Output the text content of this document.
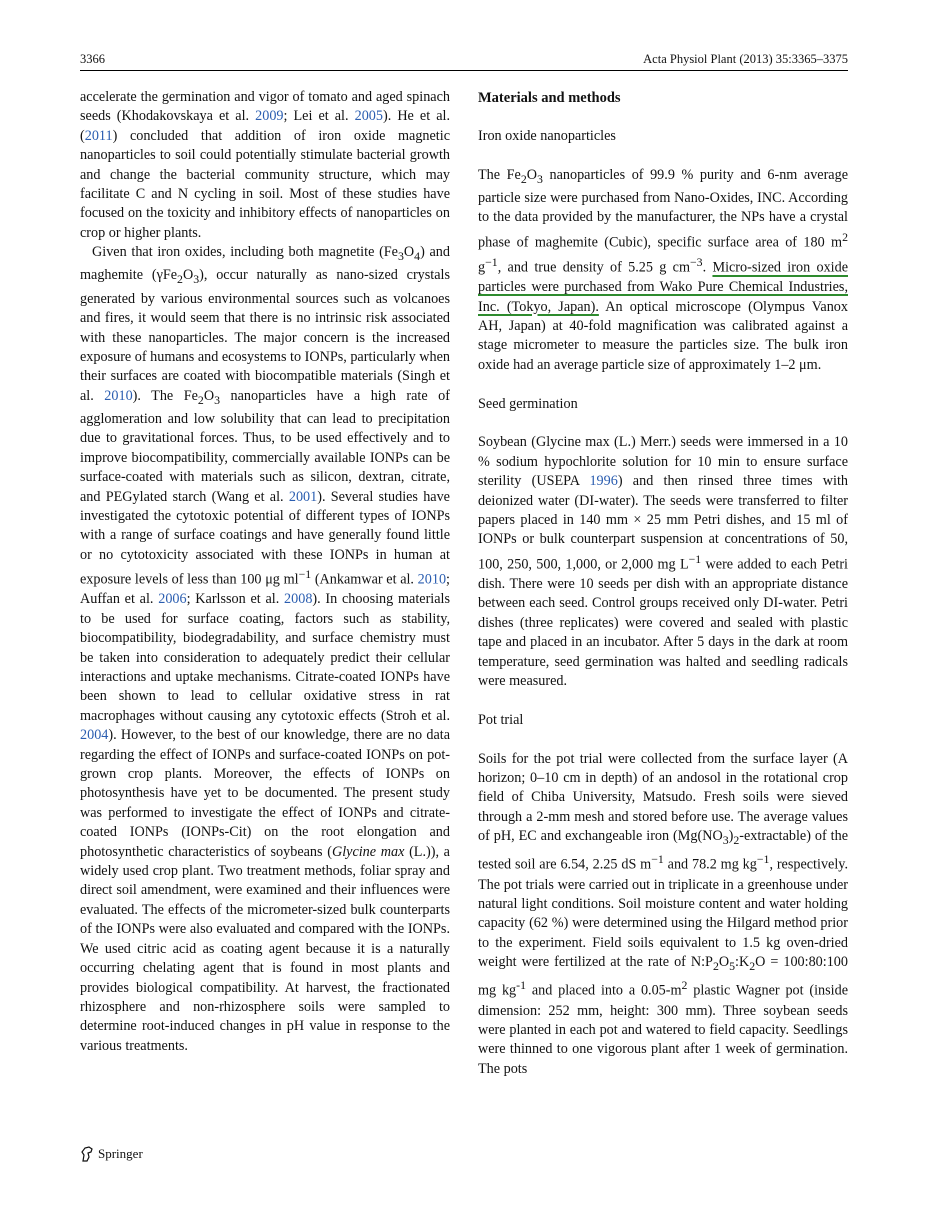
3366	Acta Physiol Plant (2013) 35:3365–3375

accelerate the germination and vigor of tomato and aged spinach seeds (Khodakovskaya et al. 2009; Lei et al. 2005). He et al. (2011) concluded that addition of iron oxide magnetic nanoparticles to soil could potentially stimulate bacterial growth and change the bacterial community structure, which may facilitate C and N cycling in soil. Most of these studies have focused on the toxicity and inhibitory effects of nanoparticles on crop or higher plants.

Given that iron oxides, including both magnetite $(Fe_3O_4)$ and maghemite $(\gamma Fe_2O_3)$, occur naturally as nano-sized crystals generated by various environmental sources such as volcanoes and fires, it would seem that there is no intrinsic risk associated with these nanoparticles. The major concern is the increased exposure of humans and ecosystems to IONPs, particularly when their surfaces are coated with biocompatible materials (Singh et al. 2010). The $Fe_2O_3$ nanoparticles have a high rate of agglomeration and low solubility that can lead to precipitation due to gravitational forces. Thus, to be used effectively and to improve biocompatibility, commercially available IONPs can be surface-coated with materials such as silicon, dextran, citrate, and PEGylated starch (Wang et al. 2001). Several studies have investigated the cytotoxic potential of different types of IONPs with a range of surface coatings and have generally found little or no cytotoxicity associated with these IONPs in human at exposure levels of less than 100 μg $ml^{-1}$ (Ankamwar et al. 2010; Auffan et al. 2006; Karlsson et al. 2008). In choosing materials to be used for surface coating, factors such as stability, biocompatibility, biodegradability, and surface chemistry must be taken into consideration to adequately predict their cellular interactions and uptake mechanisms. Citrate-coated IONPs have been shown to lead to cellular oxidative stress in rat macrophages without causing any cytotoxic effects (Stroh et al. 2004). However, to the best of our knowledge, there are no data regarding the effect of IONPs and surface-coated IONPs on pot-grown crop plants. Moreover, the effects of IONPs on photosynthesis have yet to be documented. The present study was performed to investigate the effect of IONPs and citrate-coated IONPs (IONPs-Cit) on the root elongation and photosynthetic characteristics of soybeans (Glycine max (L.)), a widely used crop plant. Two treatment methods, foliar spray and direct soil amendment, were examined and their influences were evaluated. The effects of the micrometer-sized bulk counterparts of the IONPs were also evaluated and compared with the IONPs. We used citric acid as coating agent because it is a naturally occurring chelating agent that is found in most plants and provides biological compatibility. At harvest, the fractionated rhizosphere and non-rhizosphere soils were sampled to determine root-induced changes in pH value in response to the various treatments.

Materials and methods
Iron oxide nanoparticles

The $Fe_2O_3$ nanoparticles of 99.9 % purity and 6-nm average particle size were purchased from Nano-Oxides, INC. According to the data provided by the manufacturer, the NPs have a crystal phase of maghemite (Cubic), specific surface area of 180 $m^2$ $g^{-1}$, and true density of 5.25 g $cm^{-3}$. Micro-sized iron oxide particles were purchased from Wako Pure Chemical Industries, Inc. (Tokyo, Japan). An optical microscope (Olympus Vanox AH, Japan) at 40-fold magnification was calibrated against a stage micrometer to measure the particles size. The bulk iron oxide had an average particle size of approximately 1–2 μm.

Seed germination

Soybean (Glycine max (L.) Merr.) seeds were immersed in a 10 % sodium hypochlorite solution for 10 min to ensure surface sterility (USEPA 1996) and then rinsed three times with deionized water (DI-water). The seeds were transferred to filter papers placed in 140 mm × 25 mm Petri dishes, and 15 ml of IONPs or bulk counterpart suspension at concentrations of 50, 100, 250, 500, 1,000, or 2,000 mg $L^{-1}$ were added to each Petri dish. There were 10 seeds per dish with an appropriate distance between each seed. Control groups received only DI-water. Petri dishes (three replicates) were covered and sealed with plastic tape and placed in an incubator. After 5 days in the dark at room temperature, seed germination was halted and seedling radicals were measured.

Pot trial

Soils for the pot trial were collected from the surface layer (A horizon; 0–10 cm in depth) of an andosol in the rotational crop field of Chiba University, Matsudo. Fresh soils were sieved through a 2-mm mesh and stored before use. The average values of pH, EC and exchangeable iron $(Mg(NO_3)_2-extractable)$ of the tested soil are 6.54, 2.25 dS $m^{-1}$ and 78.2 mg $kg^{-1}$, respectively. The pot trials were carried out in triplicate in a greenhouse under natural light conditions. Soil moisture content and water holding capacity (62 %) were determined using the Hilgard method prior to the experiment. Field soils equivalent to 1.5 kg oven-dried weight were fertilized at the rate of $N:P_2O_5:K_2O$ = 100:80:100 mg $kg^{-1}$ and placed into a $0.05-m^2$ plastic Wagner pot (inside dimension: 252 mm, height: 300 mm). Three soybean seeds were planted in each pot and watered to field capacity. Seedlings were thinned to one vigorous plant after 1 week of germination. The pots

Springer
